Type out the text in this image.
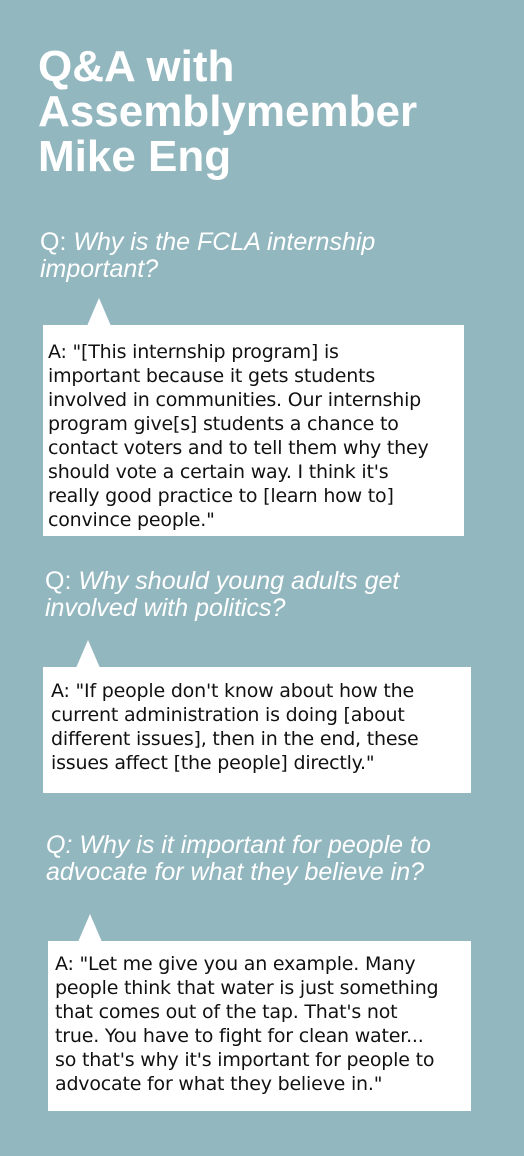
Q&A with
Assemblymember
Mike Eng

Q: Why is the FCLA internship important?

A: "[This internship program] is
important because it gets students
involved in communities. Our internship
program give[s] students a chance to
contact voters and to tell them why they
should vote a certain way. I think it's
really good practice to [learn how to]
convince people."

Q: Why should young adults get involved with politics?

A: "If people don't know about how the
current administration is doing [about
different issues], then in the end, these
issues affect [the people] directly."

Q: Why is it important for people to advocate for what they believe in?

A: "Let me give you an example. Many
people think that water is just something
that comes out of the tap. That's not
true. You have to fight for clean water...
so that's why it's important for people to
advocate for what they believe in."
